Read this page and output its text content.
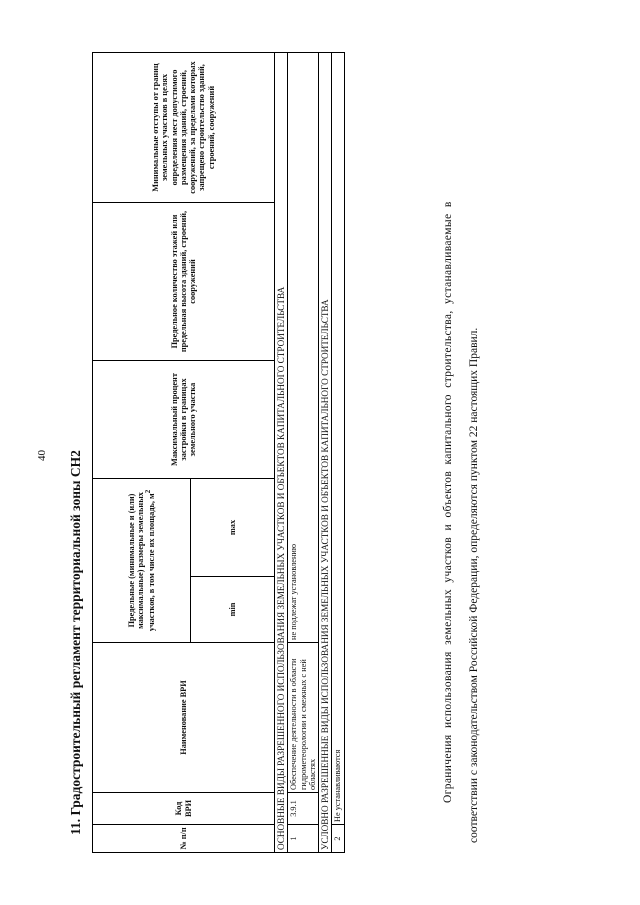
40 11. Градостроительный регламент территориальной зоны СН2
№ п/п	Код ВРИ	Наименование ВРИ	Предельные (минимальные и (или) максимальные) размеры земельных участков, в том числе их площадь, $м^2$		Максимальный процент застройки в границах земельного участка	Предельное количество этажей или предельная высота зданий, строений, сооружений	Минимальные отступы от границ земельных участков в целях определения мест допустимого размещения зданий, строений, сооружений, за пределами которых запрещено строительство зданий, строений, сооружений
			min	max			
ОСНОВНЫЕ ВИДЫ РАЗРЕШЕННОГО ИСПОЛЬЗОВАНИЯ ЗЕМЕЛЬНЫХ УЧАСТКОВ И ОБЪЕКТОВ КАПИТАЛЬНОГО СТРОИТЕЛЬСТВА							
1	3.9.1	Обеспечение деятельности в области гидрометеорологии и смежных с ней областях	не подлежат установлению				
УСЛОВНО РАЗРЕШЕННЫЕ ВИДЫ ИСПОЛЬЗОВАНИЯ ЗЕМЕЛЬНЫХ УЧАСТКОВ И ОБЪЕКТОВ КАПИТАЛЬНОГО СТРОИТЕЛЬСТВА							
2	Не устанавливаются							Ограничения использования земельных участков и объектов капитального строительства, устанавливаемые в соответствии с законодательством Российской Федерации, определяются пунктом 22 настоящих Правил.
